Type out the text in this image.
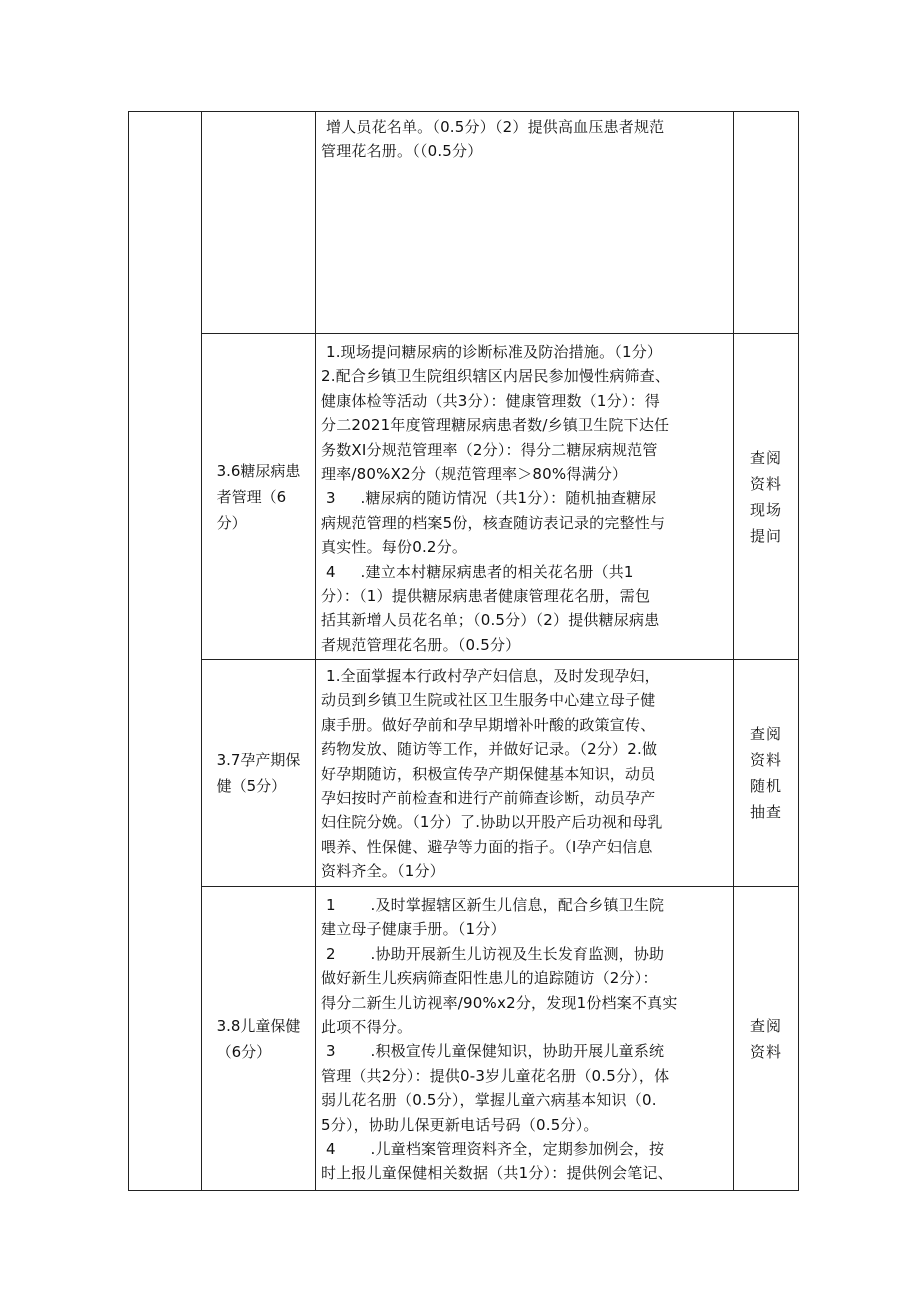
增人员花名单。（0.5分）（2）提供高血压患者规范
管理花名册。（（0.5分）
3.6糖尿病患
者管理（6
分）
1.现场提问糖尿病的诊断标准及防治措施。（1分）
2.配合乡镇卫生院组织辖区内居民参加慢性病筛查、
健康体检等活动（共3分）：健康管理数（1分）：得
分二2021年度管理糖尿病患者数/乡镇卫生院下达任
务数XI分规范管理率（2分）：得分二糖尿病规范管
理率/80%X2分（规范管理率＞80%得满分）
3     .糖尿病的随访情况（共1分）：随机抽查糖尿
病规范管理的档案5份，核查随访表记录的完整性与
真实性。每份0.2分。
4     .建立本村糖尿病患者的相关花名册（共1
分）：（1）提供糖尿病患者健康管理花名册，需包
括其新增人员花名单；（0.5分）（2）提供糖尿病患
者规范管理花名册。（0.5分）
查阅
资料
现场
提问
3.7孕产期保
健（5分）
1.全面掌握本行政村孕产妇信息，及时发现孕妇，
动员到乡镇卫生院或社区卫生服务中心建立母子健
康手册。做好孕前和孕早期增补叶酸的政策宣传、
药物发放、随访等工作，并做好记录。（2分）2.做
好孕期随访，积极宣传孕产期保健基本知识，动员
孕妇按时产前检查和进行产前筛查诊断，动员孕产
妇住院分娩。（1分）了.协助以开股产后功视和母乳
喂养、性保健、避孕等力面的指子。（I孕产妇信息
资料齐全。（1分）
查阅
资料
随机
抽查
3.8儿童保健
（6分）
1       .及时掌握辖区新生儿信息，配合乡镇卫生院
建立母子健康手册。（1分）
2       .协助开展新生儿访视及生长发育监测，协助
做好新生儿疾病筛查阳性患儿的追踪随访（2分）：
得分二新生儿访视率/90%x2分，发现1份档案不真实
此项不得分。
3       .积极宣传儿童保健知识，协助开展儿童系统
管理（共2分）：提供0-3岁儿童花名册（0.5分），体
弱儿花名册（0.5分），掌握儿童六病基本知识（0.
5分），协助儿保更新电话号码（0.5分）。
4       .儿童档案管理资料齐全，定期参加例会，按
时上报儿童保健相关数据（共1分）：提供例会笔记、
查阅
资料
